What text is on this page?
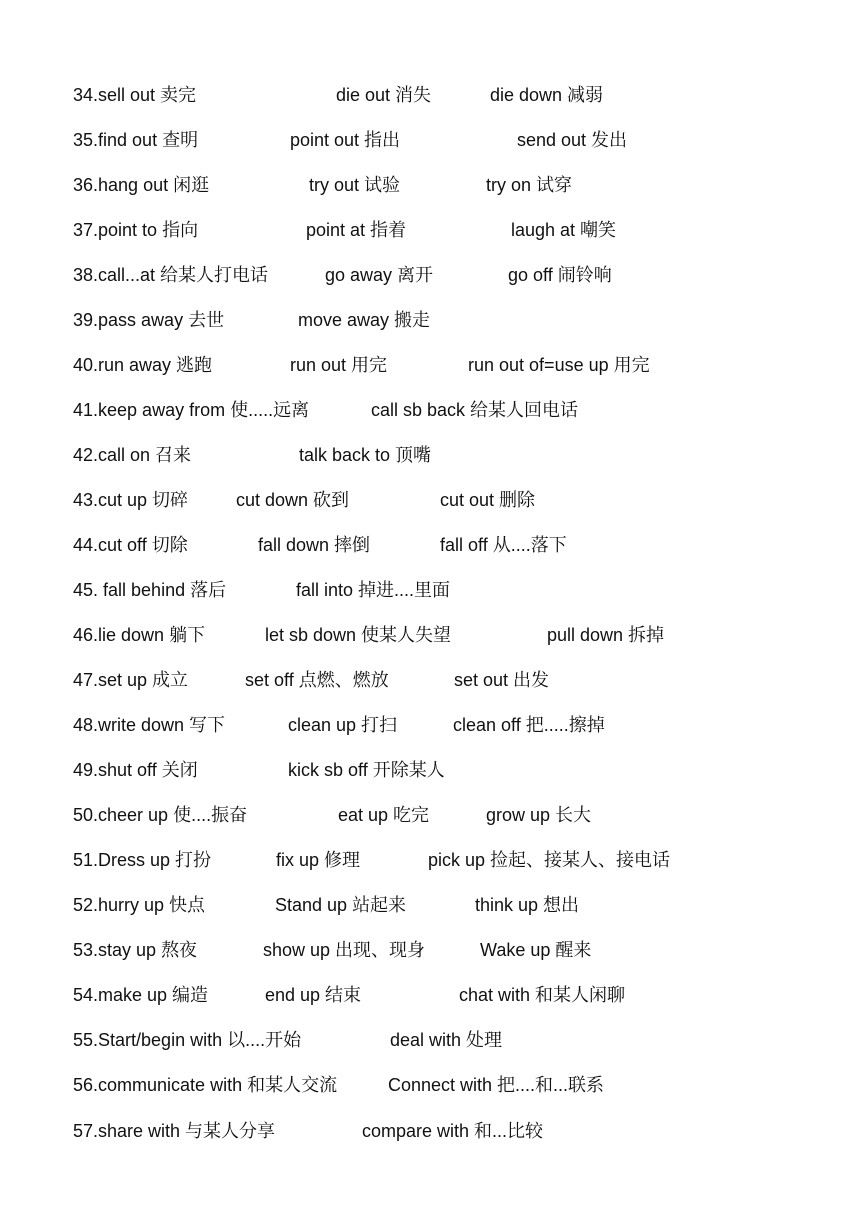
34.sell out 卖完	die out 消失	die down 减弱
35.find out 查明	point out 指出	send out 发出
36.hang out 闲逛	try out 试验	try on 试穿
37.point to 指向	point at 指着	laugh at 嘲笑
38.call...at 给某人打电话	go away 离开	go off 闹铃响
39.pass away 去世	move away 搬走
40.run away 逃跑	run out 用完	run out of=use up 用完
41.keep away from 使.....远离	call sb back 给某人回电话
42.call on 召来	talk back to 顶嘴
43.cut up 切碎	cut down 砍到	cut out 删除
44.cut off 切除	fall down 摔倒	fall off 从....落下
45. fall behind 落后	fall into 掉进....里面
46.lie down 躺下	let sb down 使某人失望	pull down 拆掉
47.set up 成立	set off 点燃、燃放	set out 出发
48.write down 写下	clean up 打扫	clean off 把.....擦掉
49.shut off 关闭	kick sb off 开除某人
50.cheer up 使....振奋	eat up 吃完	grow up 长大
51.Dress up 打扮	fix up 修理	pick up 捡起、接某人、接电话
52.hurry up 快点	Stand up 站起来	think up 想出
53.stay up 熬夜	show up 出现、现身	Wake up 醒来
54.make up 编造	end up 结束	chat with 和某人闲聊
55.Start/begin with 以....开始	deal with 处理
56.communicate with 和某人交流	Connect with 把....和...联系
57.share with 与某人分享	compare with 和...比较
